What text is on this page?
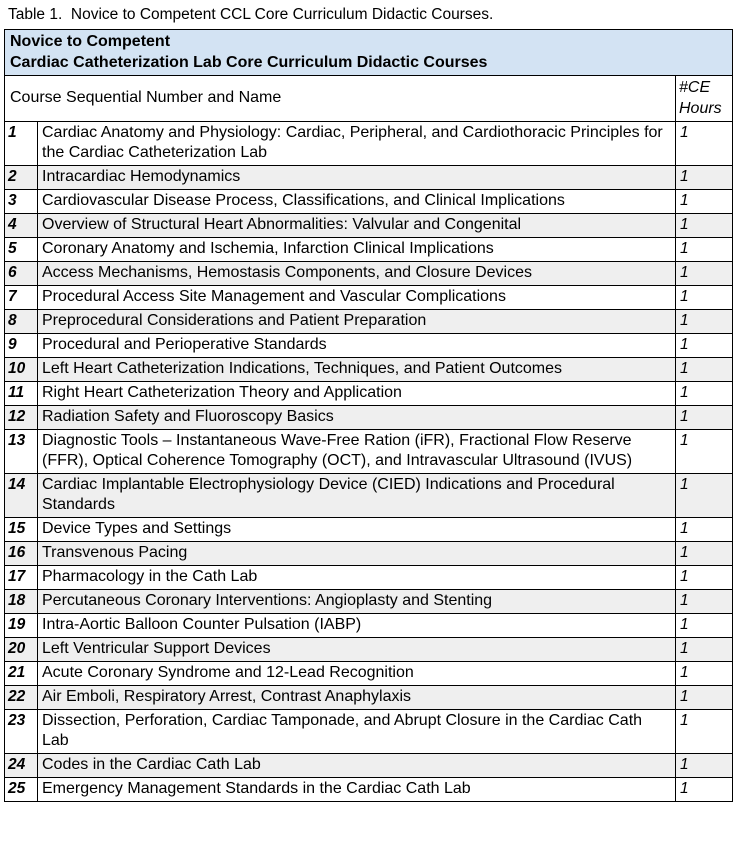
Table 1.  Novice to Competent CCL Core Curriculum Didactic Courses.
Novice to Competent
Cardiac Catheterization Lab Core Curriculum Didactic Courses		

Course Sequential Number and Name		#CE
Hours

1	Cardiac Anatomy and Physiology: Cardiac, Peripheral, and Cardiothoracic Principles for the Cardiac Catheterization Lab	1
2	Intracardiac Hemodynamics	1
3	Cardiovascular Disease Process, Classifications, and Clinical Implications	1
4	Overview of Structural Heart Abnormalities: Valvular and Congenital	1
5	Coronary Anatomy and Ischemia, Infarction Clinical Implications	1
6	Access Mechanisms, Hemostasis Components, and Closure Devices	1
7	Procedural Access Site Management and Vascular Complications	1
8	Preprocedural Considerations and Patient Preparation	1
9	Procedural and Perioperative Standards	1
10	Left Heart Catheterization Indications, Techniques, and Patient Outcomes	1
11	Right Heart Catheterization Theory and Application	1
12	Radiation Safety and Fluoroscopy Basics	1
13	Diagnostic Tools – Instantaneous Wave-Free Ration (iFR), Fractional Flow Reserve (FFR), Optical Coherence Tomography (OCT), and Intravascular Ultrasound (IVUS)	1
14	Cardiac Implantable Electrophysiology Device (CIED) Indications and Procedural Standards	1
15	Device Types and Settings	1
16	Transvenous Pacing	1
17	Pharmacology in the Cath Lab	1
18	Percutaneous Coronary Interventions: Angioplasty and Stenting	1
19	Intra-Aortic Balloon Counter Pulsation (IABP)	1
20	Left Ventricular Support Devices	1
21	Acute Coronary Syndrome and 12-Lead Recognition	1
22	Air Emboli, Respiratory Arrest, Contrast Anaphylaxis	1
23	Dissection, Perforation, Cardiac Tamponade, and Abrupt Closure in the Cardiac Cath Lab	1
24	Codes in the Cardiac Cath Lab	1
25	Emergency Management Standards in the Cardiac Cath Lab	1
